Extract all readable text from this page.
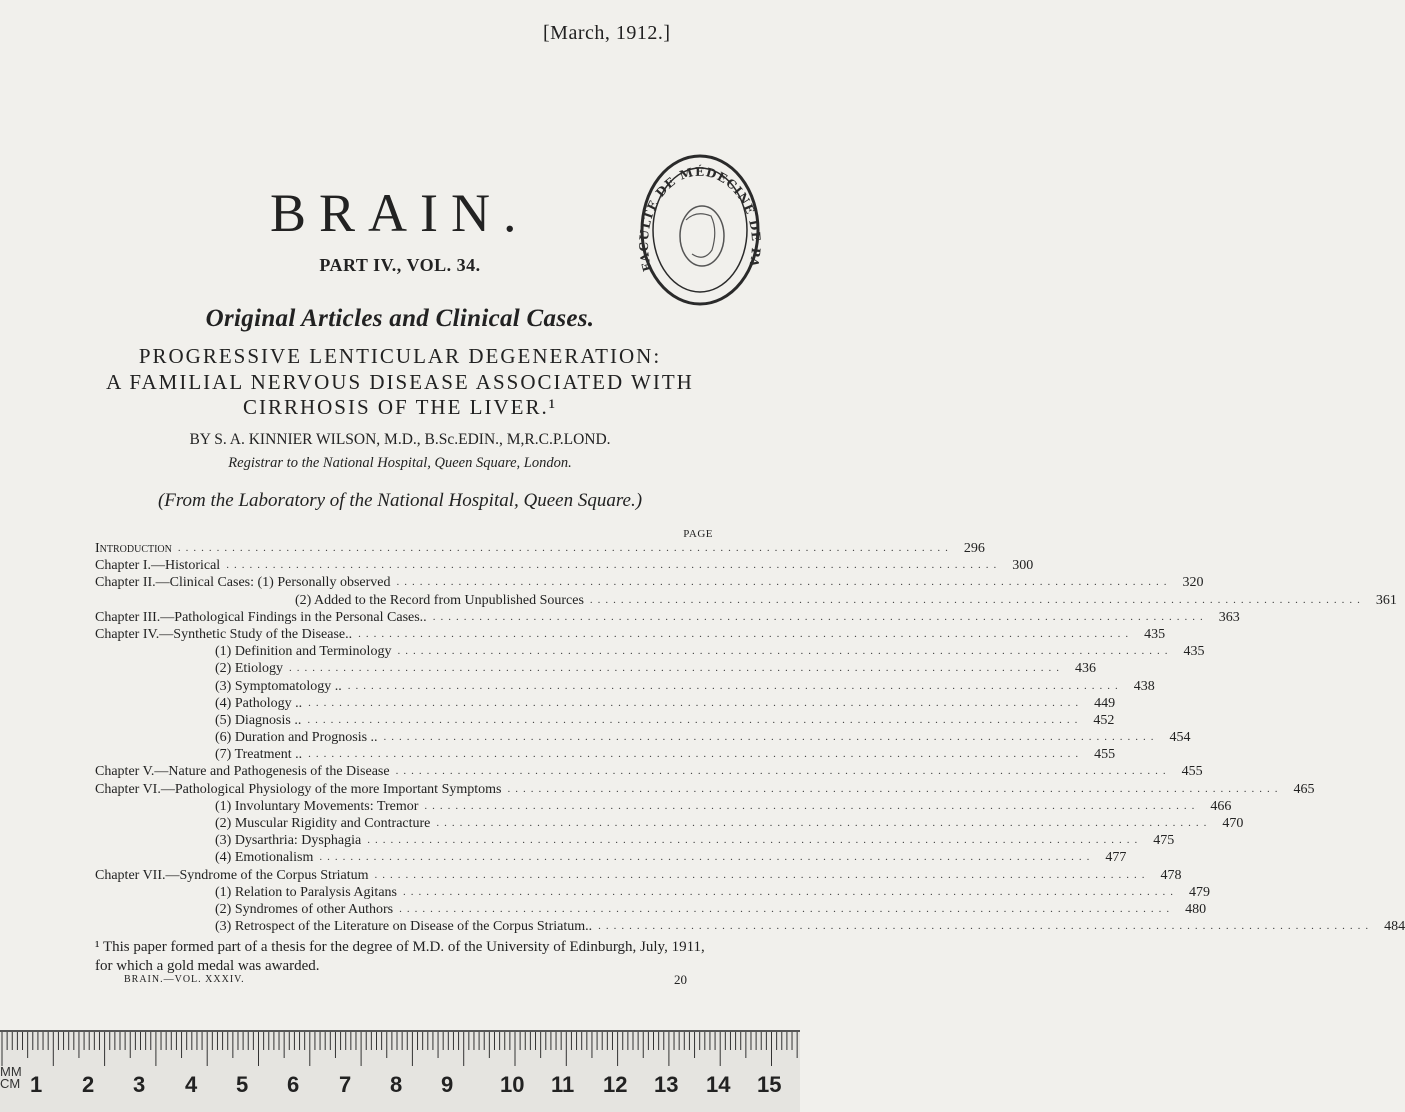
[March, 1912.]
FACULTÉ DE MÉDECINE DE PA
BRAIN.
PART IV., VOL. 34.
Original Articles and Clinical Cases.
PROGRESSIVE LENTICULAR DEGENERATION:
A FAMILIAL NERVOUS DISEASE ASSOCIATED WITH
CIRRHOSIS OF THE LIVER.¹
BY S. A. KINNIER WILSON, M.D., B.Sc.EDIN., M,R.C.P.LOND.
Registrar to the National Hospital, Queen Square, London.
(From the Laboratory of the National Hospital, Queen Square.)
PAGE
Introduction .................................................................................................... 296
Chapter I.—Historical .................................................................................................... 300
Chapter II.—Clinical Cases: (1) Personally observed .................................................................................................... 320
(2) Added to the Record from Unpublished Sources .................................................................................................... 361
Chapter III.—Pathological Findings in the Personal Cases.. .................................................................................................... 363
Chapter IV.—Synthetic Study of the Disease.. .................................................................................................... 435
(1) Definition and Terminology .................................................................................................... 435
(2) Etiology .................................................................................................... 436
(3) Symptomatology .. .................................................................................................... 438
(4) Pathology .. .................................................................................................... 449
(5) Diagnosis .. .................................................................................................... 452
(6) Duration and Prognosis .. .................................................................................................... 454
(7) Treatment .. .................................................................................................... 455
Chapter V.—Nature and Pathogenesis of the Disease .................................................................................................... 455
Chapter VI.—Pathological Physiology of the more Important Symptoms .................................................................................................... 465
(1) Involuntary Movements: Tremor .................................................................................................... 466
(2) Muscular Rigidity and Contracture .................................................................................................... 470
(3) Dysarthria: Dysphagia .................................................................................................... 475
(4) Emotionalism .................................................................................................... 477
Chapter VII.—Syndrome of the Corpus Striatum .................................................................................................... 478
(1) Relation to Paralysis Agitans .................................................................................................... 479
(2) Syndromes of other Authors .................................................................................................... 480
(3) Retrospect of the Literature on Disease of the Corpus Striatum.. .................................................................................................... 484
¹ This paper formed part of a thesis for the degree of M.D. of the University of Edinburgh, July, 1911, for which a gold medal was awarded.
BRAIN.—VOL. XXXIV.	20
MM
CM 1 2 3 4 5 6 7 8 9 10 11 12 13 14 15
